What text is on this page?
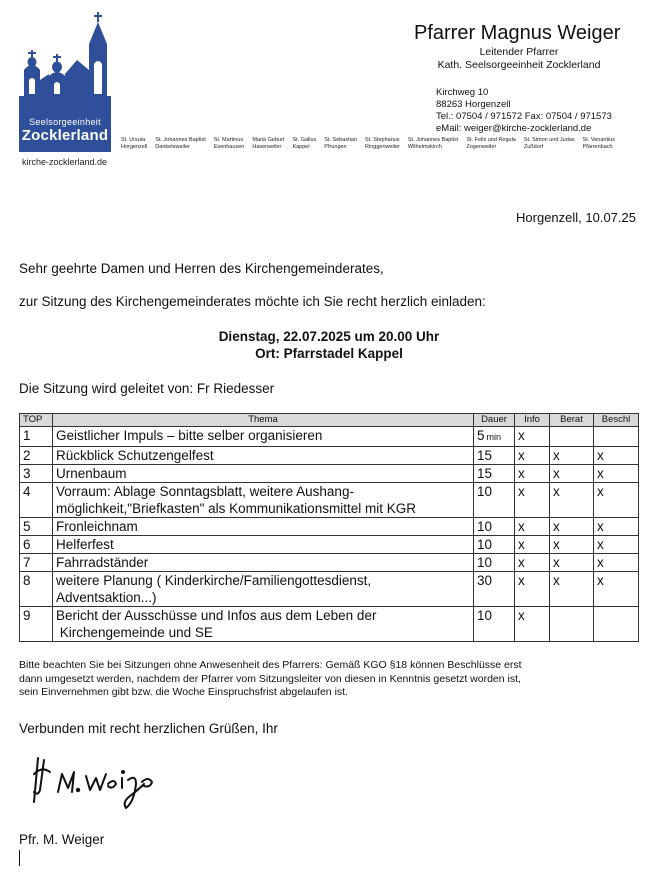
Seelsorgeeinheit
Zocklerland
kirche-zocklerland.de
St. Ursula
Horgenzell
St. Johannes Baptist
Danketsweiler
St. Martinus
Esenhausen
Mariä Geburt
Haserweiler
St. Gallus
Kappel
St. Sebastian
Pfrungen
St. Stephanus
Ringgenweiler
St. Johannes Baptist
Wilhelmskirch
St. Felix und Regula
Zogenweiler
St. Simon und Judas
Zußdorf
St. Venantius
Pfärrenbach
Pfarrer Magnus Weiger
Leitender Pfarrer
Kath. Seelsorgeeinheit Zocklerland
Kirchweg 10
88263 Horgenzell
Tel.: 07504 / 971572 Fax: 07504 / 971573
eMail: weiger@kirche-zocklerland.de
Horgenzell, 10.07.25
Sehr geehrte Damen und Herren des Kirchengemeinderates,
zur Sitzung des Kirchengemeinderates möchte ich Sie recht herzlich einladen:
Dienstag, 22.07.2025 um 20.00 Uhr
Ort: Pfarrstadel Kappel
Die Sitzung wird geleitet von: Fr Riedesser
TOP	Thema	Dauer	Info	Berat	Beschl
1	Geistlicher Impuls – bitte selber organisieren	5 min	x		
2	Rückblick Schutzengelfest	15	x	x	x
3	Urnenbaum	15	x	x	x
4	Vorraum: Ablage Sonntagsblatt, weitere Aushang-
möglichkeit,"Briefkasten" als Kommunikationsmittel mit KGR	10	x	x	x
5	Fronleichnam	10	x	x	x
6	Helferfest	10	x	x	x
7	Fahrradständer	10	x	x	x
8	weitere Planung ( Kinderkirche/Familiengottesdienst,
Adventsaktion...)	30	x	x	x
9	Bericht der Ausschüsse und Infos aus dem Leben der
Kirchengemeinde und SE	10	x		
Bitte beachten Sie bei Sitzungen ohne Anwesenheit des Pfarrers: Gemäß KGO §18 können Beschlüsse erst
dann umgesetzt werden, nachdem der Pfarrer vom Sitzungsleiter von diesen in Kenntnis gesetzt worden ist,
sein Einvernehmen gibt bzw. die Woche Einspruchsfrist abgelaufen ist.
Verbunden mit recht herzlichen Grüßen, Ihr
Pfr. M. Weiger
